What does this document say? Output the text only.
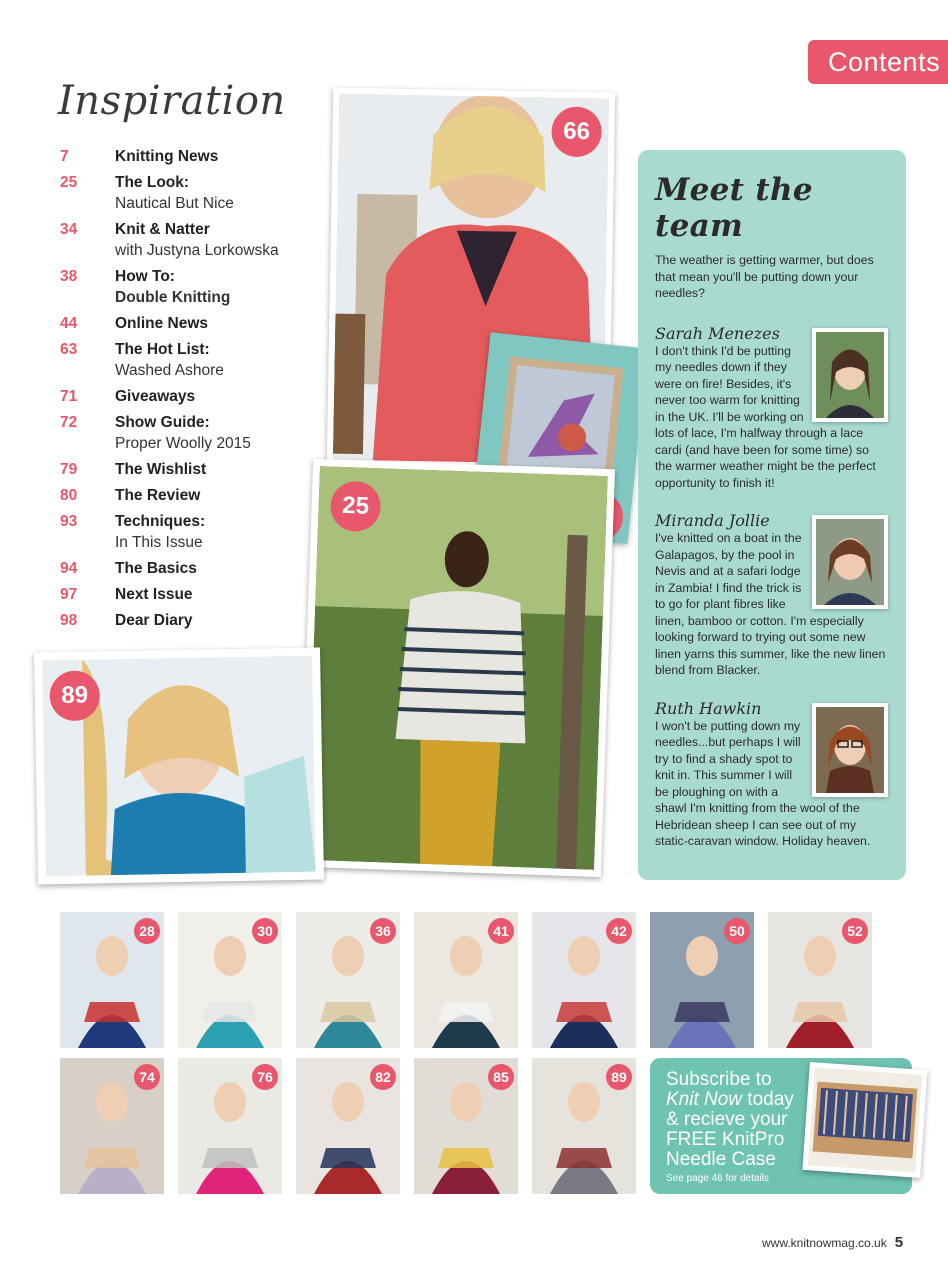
Contents
Inspiration
7	Knitting News
25	The Look:
Nautical But Nice
34	Knit & Natter
with Justyna Lorkowska
38	How To:
Double Knitting
44	Online News
63	The Hot List:
Washed Ashore
71	Giveaways
72	Show Guide:
Proper Woolly 2015
79	The Wishlist
80	The Review
93	Techniques:
In This Issue
94	The Basics
97	Next Issue
98	Dear Diary
66
25
89
Meet the team
The weather is getting warmer, but does that mean you'll be putting down your needles?
Sarah Menezes
I don't think I'd be putting my needles down if they were on fire! Besides, it's never too warm for knitting in the UK. I'll be working on lots of lace, I'm halfway through a lace cardi (and have been for some time) so the warmer weather might be the perfect opportunity to finish it!
Miranda Jollie
I've knitted on a boat in the Galapagos, by the pool in Nevis and at a safari lodge in Zambia! I find the trick is to go for plant fibres like linen, bamboo or cotton. I'm especially looking forward to trying out some new linen yarns this summer, like the new linen blend from Blacker.
Ruth Hawkin
I won't be putting down my needles...but perhaps I will try to find a shady spot to knit in. This summer I will be ploughing on with a shawl I'm knitting from the wool of the Hebridean sheep I can see out of my static-caravan window. Holiday heaven.
28	30	36	41	42	50	52
74	76	82	85	89 Subscribe to
Knit Now today
& recieve your
FREE KnitPro
Needle Case
See page 46 for details
www.knitnowmag.co.uk 5
